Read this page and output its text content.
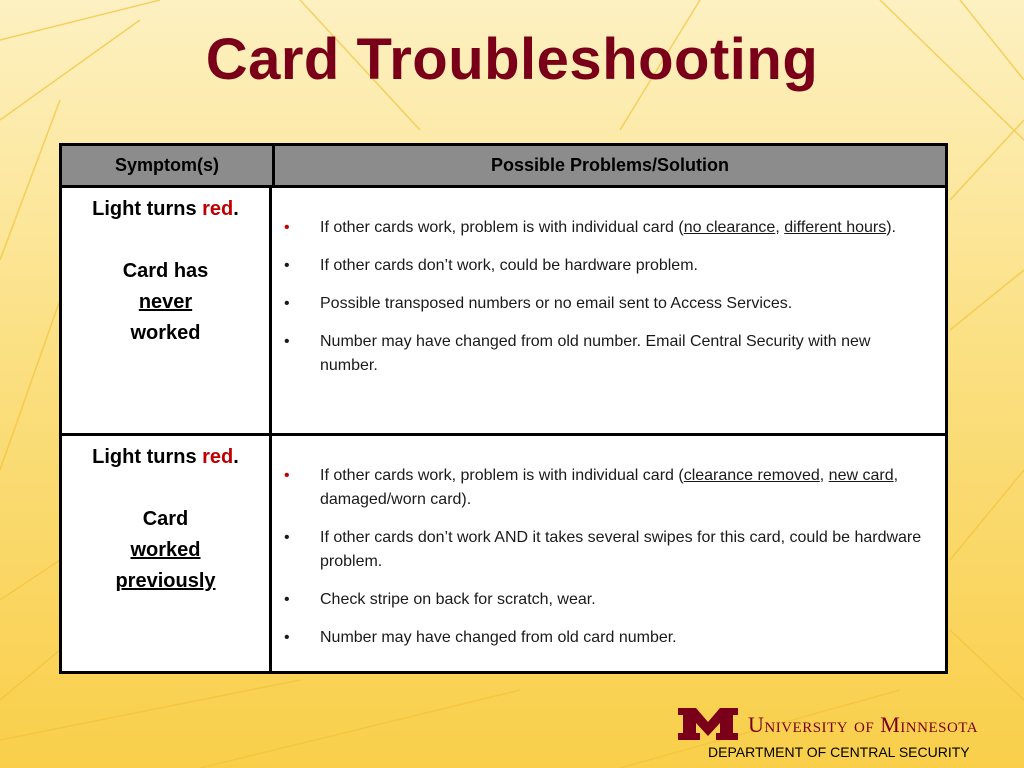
Card Troubleshooting
Symptom(s)	Possible Problems/Solution
Light turns red.
Card has
never
worked
• If other cards work, problem is with individual card (no clearance, different hours).
• If other cards don’t work, could be hardware problem.
• Possible transposed numbers or no email sent to Access Services.
• Number may have changed from old number. Email Central Security with new number.
Light turns red.
Card
worked
previously
• If other cards work, problem is with individual card (clearance removed, new card, damaged/worn card).
• If other cards don’t work AND it takes several swipes for this card, could be hardware problem.
• Check stripe on back for scratch, wear.
• Number may have changed from old card number.
University of Minnesota
DEPARTMENT OF CENTRAL SECURITY
